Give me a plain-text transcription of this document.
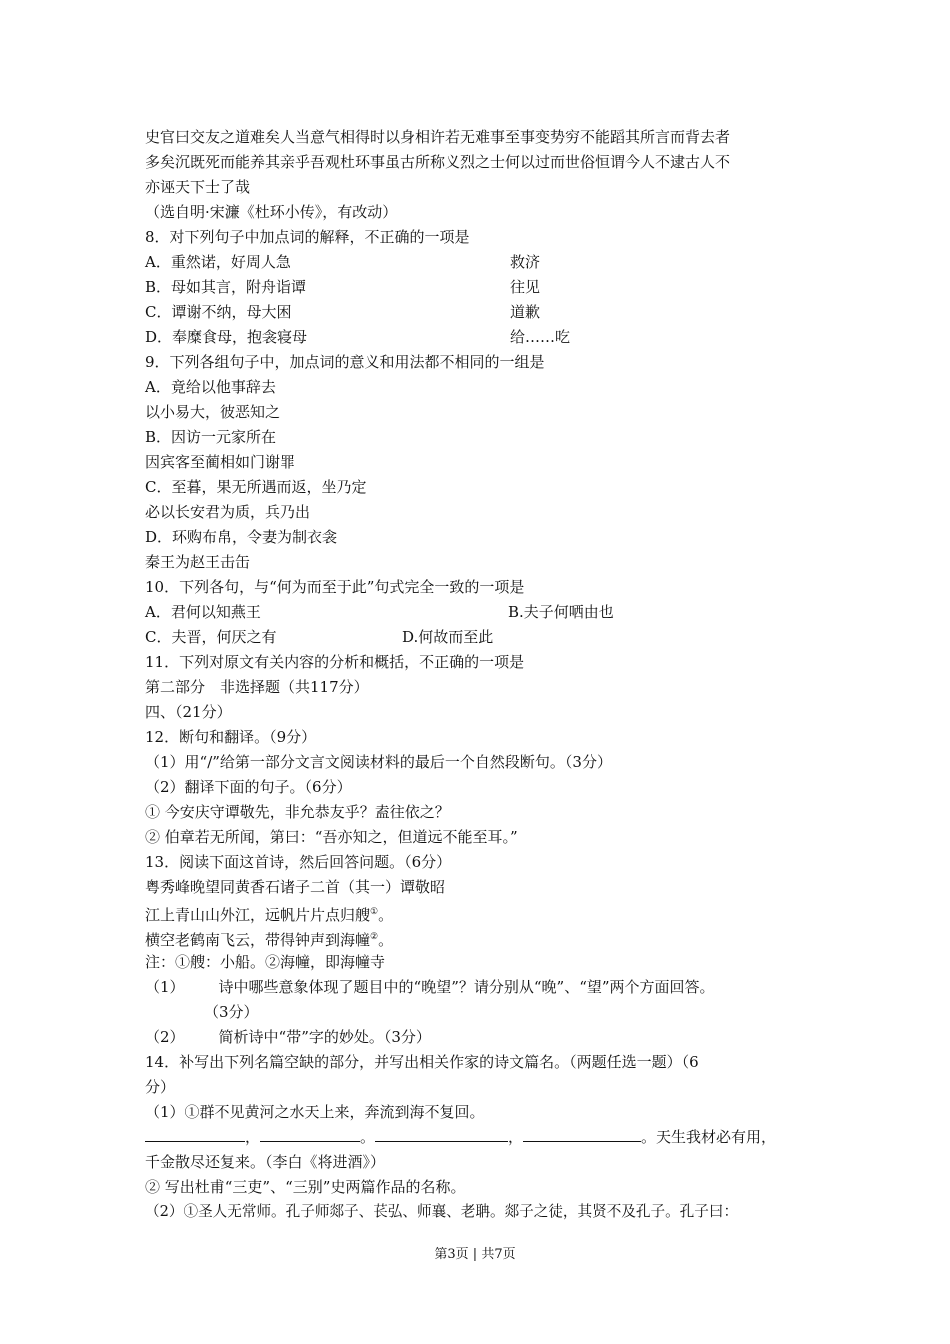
史官曰交友之道难矣人当意气相得时以身相许若无难事至事变势穷不能蹈其所言而背去者
多矣沉既死而能养其亲乎吾观杜环事虽古所称义烈之士何以过而世俗恒谓今人不逮古人不
亦诬天下士了哉
（选自明·宋濂《杜环小传》，有改动）
8．对下列句子中加点词的解释，不正确的一项是
A．重然诺，好周人急	救济
B．母如其言，附舟诣谭	往见
C．谭谢不纳，母大困	道歉
D．奉糜食母，抱衾寝母	给……吃
9．下列各组句子中，加点词的意义和用法都不相同的一组是
A．竟给以他事辞去
以小易大，彼恶知之
B．因访一元家所在
因宾客至蔺相如门谢罪
C．至暮，果无所遇而返，坐乃定
必以长安君为质，兵乃出
D．环购布帛，令妻为制衣衾
秦王为赵王击缶
10．下列各句，与“何为而至于此”句式完全一致的一项是
A．君何以知燕王	B.夫子何哂由也
C．夫晋，何厌之有	D.何故而至此
11．下列对原文有关内容的分析和概括，不正确的一项是
第二部分　非选择题（共117分）
四、（21分）
12．断句和翻译。（9分）
（1）用“/”给第一部分文言文阅读材料的最后一个自然段断句。（3分）
（2）翻译下面的句子。（6分）
① 今安庆守谭敬先，非允恭友乎？盍往依之？
② 伯章若无所闻，第曰：“吾亦知之，但道远不能至耳。”
13．阅读下面这首诗，然后回答问题。（6分）
粤秀峰晚望同黄香石诸子二首（其一）谭敬昭
江上青山山外江，远帆片片点归艘①。
横空老鹤南飞云，带得钟声到海幢②。
注：①艘：小船。②海幢，即海幢寺
（1） 诗中哪些意象体现了题目中的“晚望”？请分别从“晚”、“望”两个方面回答。
（3分）
（2） 简析诗中“带”字的妙处。（3分）
14．补写出下列名篇空缺的部分，并写出相关作家的诗文篇名。（两题任选一题）（6
分）
（1）①群不见黄河之水天上来，奔流到海不复回。
，	。	，	。天生我材必有用，
千金散尽还复来。（李白《将进酒》）
② 写出杜甫“三吏”、“三别”史两篇作品的名称。
（2）①圣人无常师。孔子师郯子、苌弘、师襄、老聃。郯子之徒，其贤不及孔子。孔子曰：
第3页 | 共7页
